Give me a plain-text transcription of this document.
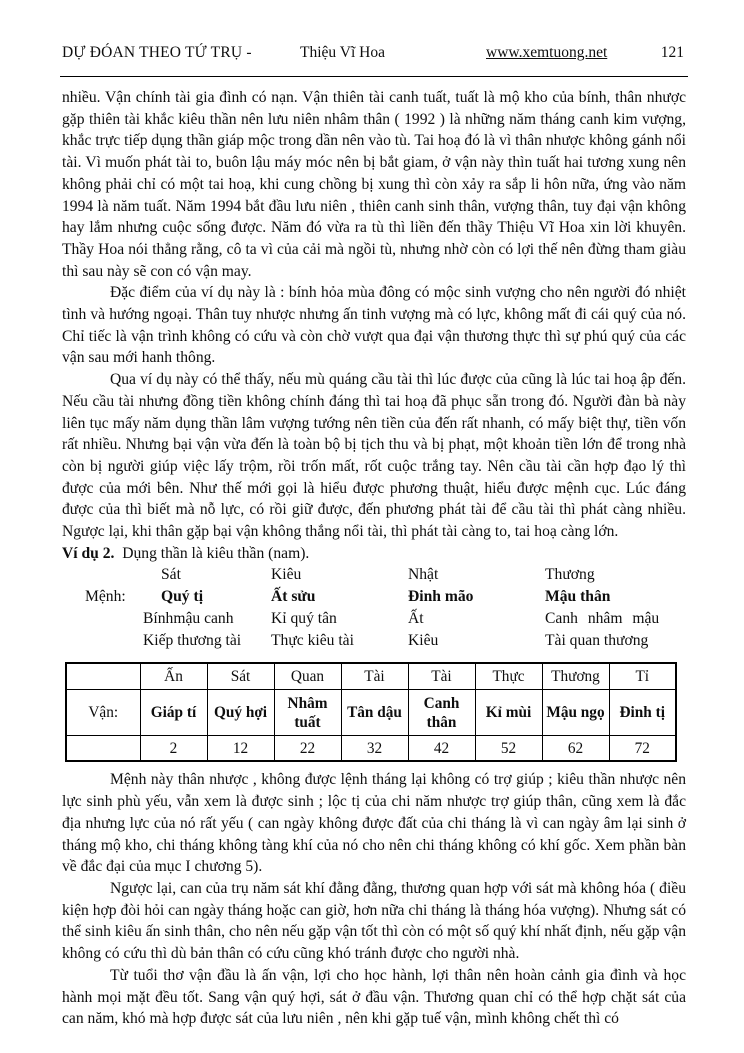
DỰ ĐÓAN THEO TỨ TRỤ -	Thiệu Vĩ Hoa	www.xemtuong.net	121

nhiều. Vận chính tài gia đình có nạn. Vận thiên tài canh tuất, tuất là mộ kho của bính, thân nhược gặp thiên tài khắc kiêu thần nên lưu niên nhâm thân ( 1992 ) là những năm tháng canh kim vượng, khắc trực tiếp dụng thần giáp mộc trong dần nên vào tù. Tai hoạ đó là vì thân nhược không gánh nổi tài. Vì muốn phát tài to, buôn lậu máy móc nên bị bắt giam, ở vận này thìn tuất hai tương xung nên không phải chỉ có một tai hoạ, khi cung chồng bị xung thì còn xảy ra sắp li hôn nữa, ứng vào năm 1994 là năm tuất. Năm 1994 bắt đầu lưu niên , thiên canh sinh thân, vượng thân, tuy đại vận không hay lắm nhưng cuộc sống được. Năm đó vừa ra tù thì liền đến thầy Thiệu Vĩ Hoa xin lời khuyên. Thầy Hoa nói thẳng rằng, cô ta vì của cải mà ngồi tù, nhưng nhờ còn có lợi thế nên đừng tham giàu thì sau này sẽ con có vận may.

Đặc điểm của ví dụ này là : bính hỏa mùa đông có mộc sinh vượng cho nên người đó nhiệt tình và hướng ngoại. Thân tuy nhược nhưng ấn tinh vượng mà có lực, không mất đi cái quý của nó. Chỉ tiếc là vận trình không có cứu và còn chờ vượt qua đại vận thương thực thì sự phú quý của các vận sau mới hanh thông.

Qua ví dụ này có thể thấy, nếu mù quáng cầu tài thì lúc được của cũng là lúc tai hoạ ập đến. Nếu cầu tài nhưng đồng tiền không chính đáng thì tai hoạ đã phục sẵn trong đó. Người đàn bà này liên tục mấy năm dụng thần lâm vượng tướng nên tiền của đến rất nhanh, có mấy biệt thự, tiền vốn rất nhiều. Nhưng bại vận vừa đến là toàn bộ bị tịch thu và bị phạt, một khoản tiền lớn để trong nhà còn bị người giúp việc lấy trộm, rồi trốn mất, rốt cuộc trắng tay. Nên cầu tài cần hợp đạo lý thì được của mới bên. Như thế mới gọi là hiểu được phương thuật, hiểu được mệnh cục. Lúc đáng được của thì biết mà nỗ lực, có rồi giữ được, đến phương phát tài để cầu tài thì phát càng nhiều. Ngược lại, khi thân gặp bại vận không thắng nổi tài, thì phát tài càng to, tai hoạ càng lớn.

Ví dụ 2. Dụng thần là kiêu thần (nam).

	Sát	Kiêu	Nhật	Thương
Mệnh:	Quý tị	Ất sửu	Đinh mão	Mậu thân
	Bínhmậu canh	Kỉ quý tân	Ất	Canh nhâm mậu
	Kiếp thương tài	Thực kiêu tài	Kiêu	Tài quan thương
	Ấn	Sát	Quan	Tài	Tài	Thực	Thương	Tỉ
Vận:	Giáp tí	Quý hợi	Nhâm tuất	Tân dậu	Canh thân	Kỉ mùi	Mậu ngọ	Đinh tị
	2	12	22	32	42	52	62	72

Mệnh này thân nhược , không được lệnh tháng lại không có trợ giúp ; kiêu thần nhược nên lực sinh phù yếu, vẫn xem là được sinh ; lộc tị của chi năm nhược trợ giúp thân, cũng xem là đắc địa nhưng lực của nó rất yếu ( can ngày không được đất của chi tháng là vì can ngày âm lại sinh ở tháng mộ kho, chi tháng không tàng khí của nó cho nên chi tháng không có khí gốc. Xem phần bàn về đắc đại của mục I chương 5).

Ngược lại, can của trụ năm sát khí đằng đằng, thương quan hợp với sát mà không hóa ( điều kiện hợp đòi hỏi can ngày tháng hoặc can giờ, hơn nữa chi tháng là tháng hóa vượng). Nhưng sát có thể sinh kiêu ấn sinh thân, cho nên nếu gặp vận tốt thì còn có một số quý khí nhất định, nếu gặp vận không có cứu thì dù bản thân có cứu cũng khó tránh được cho người nhà.

Từ tuổi thơ vận đầu là ấn vận, lợi cho học hành, lợi thân nên hoàn cảnh gia đình và học hành mọi mặt đều tốt. Sang vận quý hợi, sát ở đầu vận. Thương quan chỉ có thể hợp chặt sát của can năm, khó mà hợp được sát của lưu niên , nên khi gặp tuế vận, mình không chết thì có
